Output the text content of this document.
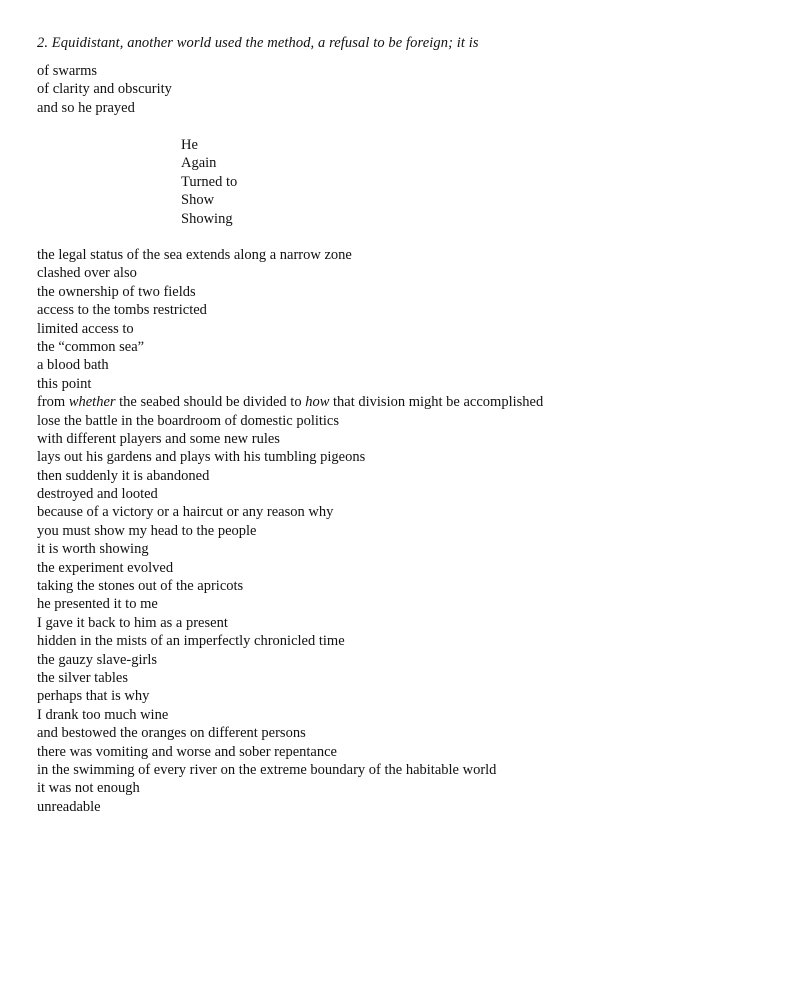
2. Equidistant, another world used the method, a refusal to be foreign; it is
of swarms
of clarity and obscurity
and so he prayed
He
Again
Turned to
Show
Showing
the legal status of the sea extends along a narrow zone
clashed over also
the ownership of two fields
access to the tombs restricted
limited access to
the “common sea”
a blood bath
this point
from whether the seabed should be divided to how that division might be accomplished
lose the battle in the boardroom of domestic politics
with different players and some new rules
lays out his gardens and plays with his tumbling pigeons
then suddenly it is abandoned
destroyed and looted
because of a victory or a haircut or any reason why
you must show my head to the people
it is worth showing
the experiment evolved
taking the stones out of the apricots
he presented it to me
I gave it back to him as a present
hidden in the mists of an imperfectly chronicled time
the gauzy slave-girls
the silver tables
perhaps that is why
I drank too much wine
and bestowed the oranges on different persons
there was vomiting and worse and sober repentance
in the swimming of every river on the extreme boundary of the habitable world
it was not enough
unreadable
